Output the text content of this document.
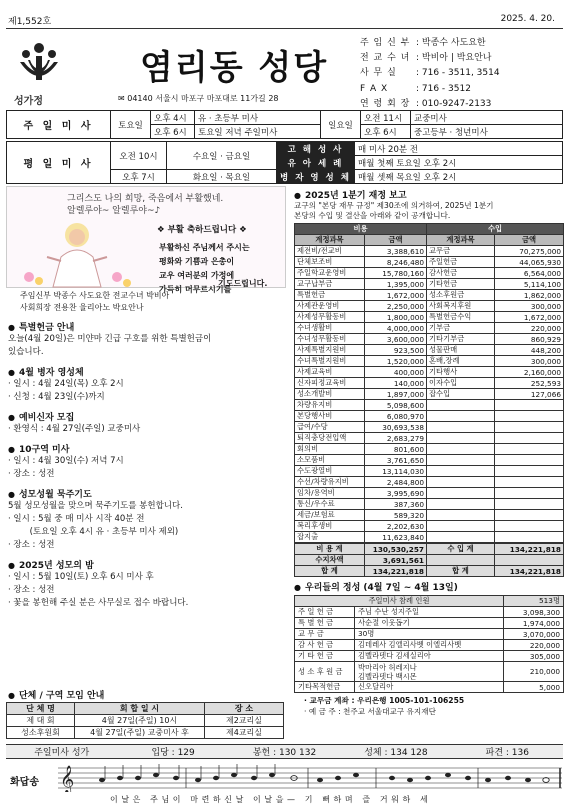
제1,552호	2025. 4. 20.
성가정
염리동 성당
✉ 04140 서울시 마포구 마포대로 11가길 28
주 임 신 부 : 박종수 사도요한
전 교 수 녀 : 박비아 | 박요안나
사 무 실 : 716 - 3511, 3514
F A X	: 716 - 3512
연 령 회 장 : 010-9247-2133
주 일 미 사	토요일	오후 4시	유 · 초등부 미사	일요일	오전 11시	교중미사
		오후 6시	토요일 저녁 주일미사		오후 6시	중고등부 · 청년미사
평 일 미 사	오전 10시	수요일 · 금요일	고 해 성 사	매 미사 20분 전
			유 아 세 례	매월 첫째 토요일 오후 2시
	오후 7시	화요일 · 목요일	병 자 영 성 체	매월 셋째 목요일 오후 2시
그리스도 나의 희망, 죽음에서 부활했네.
알렐루야~ 알렐루야~♪
❖ 부활 축하드립니다 ❖
부활하신 주님께서 주시는
평화와 기쁨과 은총이
교우 여러분의 가정에
가득히 머무르시기를
기도드립니다.
주임신부 박종수 사도요한 전교수녀 박비아
사회희장 전용찬 율리아노 박요안나
● 특별헌금 안내
오늘(4월 20일)은 미얀마 긴급 구호를 위한 특별헌금이
있습니다.
● 4월 병자 영성체
· 일시 : 4월 24일(목) 오후 2시
· 신청 : 4월 23일(수)까지
● 예비신자 모집
· 환영식 : 4월 27일(주일) 교중미사
● 10구역 미사
· 일시 : 4월 30일(수) 저녁 7시
· 장소 : 성전
● 성모성월 묵주기도
5월 성모성월을 맞으며 묵주기도를 봉헌합니다.
· 일시 : 5월 중 매 미사 시작 40분 전
(토요일 오후 4시 유 · 초등부 미사 제외)
· 장소 : 성전
● 2025년 성모의 밤
· 일시 : 5월 10일(토) 오후 6시 미사 후
· 장소 : 성전
· 꽃을 봉헌해 주실 분은 사무실로 접수 바랍니다.
● 단체 / 구역 모임 안내
단 체 명	회 합 일 시	장 소
제 대 회	4월 27일(주일) 10시	제2교리실
성소후원회	4월 27일(주일) 교중미사 후	제4교리실
● 2025년 1분기 재정 보고
교구의 "본당 재무 규정" 제30조에 의거하여, 2025년 1분기
본당의 수입 및 결산을 아래와 같이 공개합니다.
비용		수입	
계정과목	금액	계정과목	금액
제전비/전교비	3,388,610	교무금	70,275,000
단체보조비	8,246,480	주일헌금	44,065,930
주일학교운영비	15,780,160	감사헌금	6,564,000
교구납부금	1,395,000	기타헌금	5,114,100
특별헌금	1,672,000	성소후원금	1,862,000
사제관운영비	2,250,000	사회복지후원	300,000
사제성무활동비	1,800,000	특별헌금수익	1,672,000
수녀생활비	4,000,000	기부금	220,000
수녀성무활동비	3,600,000	기타기부금	860,929
사제특별지원비	923,500	성물판매	448,200
수녀특별지원비	1,520,000	혼배,장례	300,000
사제교육비	400,000	기타행사	2,160,000
신자피정교육비	140,000	이자수입	252,593
성소개발비	1,897,000	잡수입	127,066
차량유지비	5,098,600		
본당행사비	6,080,970		
급여/수당	30,693,538		
퇴직충당전입액	2,683,279		
회의비	801,600		
소모품비	3,761,650		
수도광열비	13,114,030		
수선/차량유지비	2,484,800		
임차/용역비	3,995,690		
통신/우수료	387,360		
세금/보험료	589,320		
복리후생비	2,202,630		
잡지출	11,623,840		
비 용 계	130,530,257	수 입 계	134,221,818
수지차액	3,691,561		
합 계	134,221,818	합 계	134,221,818
● 우리들의 정성 (4월 7일 ~ 4월 13일)
주일미사 참례 인원		513명
주 일 헌 금	주님 수난 성지주일	3,098,300
특 별 헌 금	사순절 이웃돕기	1,974,000
교 무 금	30명	3,070,000
감 사 헌 금	김데레사 김엘리사벳 이엘리사벳	220,000
기 타 헌 금	김벨라뎃다 김세실리아	305,000
성 소 후 원 금	박마리아 허레지나
김벨라뎃다 백시몬	210,000
기타목적헌금	신오달리아	5,000
· 교무금 계좌 : 우리은행 1005-101-106255
· 예 금 주 : 천주교 서울대교구 유지재단
주일미사 성가	입당 : 129	봉헌 : 130 132	성체 : 134 128	파견 : 136
화답송 𝄞
이날은 주님이 마련하신날 이날을— 기 뻐하며 즐 거워하 세
